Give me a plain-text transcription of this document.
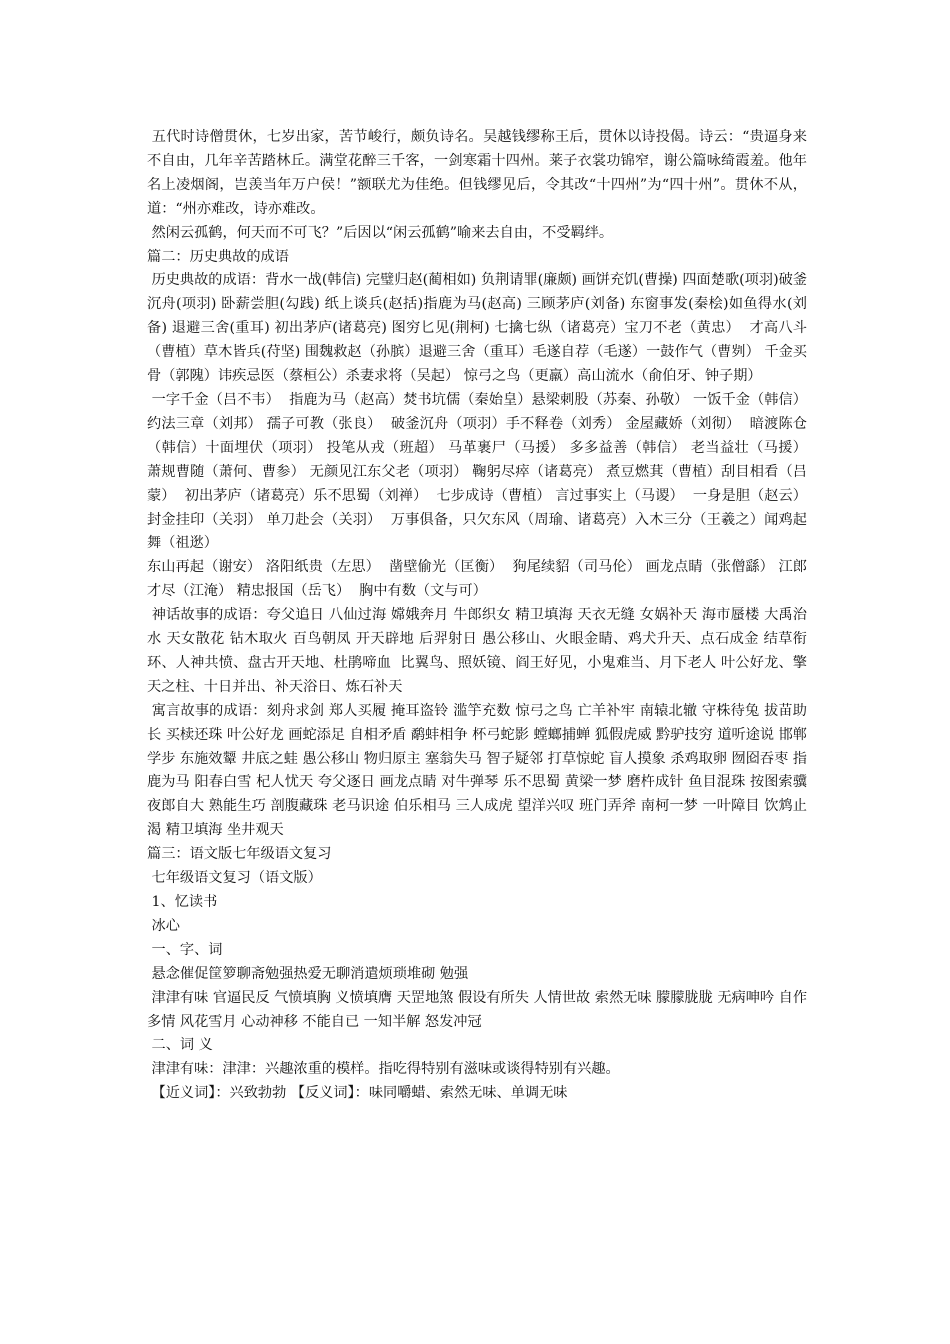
五代时诗僧贯休，七岁出家，苦节峻行，颇负诗名。吴越钱缪称王后，贯休以诗投偈。诗云：“贵逼身来不自由，几年辛苦踏林丘。满堂花醉三千客，一剑寒霜十四州。莱子衣裳功锦窄，谢公篇咏绮霞羞。他年名上凌烟阁，岂羡当年万户侯！”额联尤为佳绝。但钱缪见后，令其改“十四州”为“四十州”。贯休不从，道：“州亦难改，诗亦难改。

然闲云孤鹤，何天而不可飞？”后因以“闲云孤鹤”喻来去自由，不受羁绊。

篇二：历史典故的成语

历史典故的成语：背水一战(韩信) 完璧归赵(蔺相如) 负荆请罪(廉颇) 画饼充饥(曹操) 四面楚歌(项羽)破釜沉舟(项羽) 卧薪尝胆(勾践) 纸上谈兵(赵括)指鹿为马(赵高) 三顾茅庐(刘备) 东窗事发(秦桧)如鱼得水(刘备) 退避三舍(重耳) 初出茅庐(诸葛亮) 图穷匕见(荆柯) 七擒七纵（诸葛亮）宝刀不老（黄忠）  才高八斗（曹植）草木皆兵(苻坚) 围魏救赵（孙膑）退避三舍（重耳）毛遂自荐（毛遂）一鼓作气（曹刿） 千金买骨（郭隗）讳疾忌医（蔡桓公）杀妻求将（吴起） 惊弓之鸟（更羸）高山流水（俞伯牙、钟子期）

一字千金（吕不韦）  指鹿为马（赵高）焚书坑儒（秦始皇）悬梁刺股（苏秦、孙敬） 一饭千金（韩信）约法三章（刘邦） 孺子可教（张良）  破釜沉舟（项羽）手不释卷（刘秀） 金屋藏娇（刘彻）  暗渡陈仓（韩信）十面埋伏（项羽） 投笔从戎（班超） 马革裹尸（马援） 多多益善（韩信） 老当益壮（马援）  萧规曹随（萧何、曹参） 无颜见江东父老（项羽） 鞠躬尽瘁（诸葛亮） 煮豆燃萁（曹植）刮目相看（吕蒙）  初出茅庐（诸葛亮）乐不思蜀（刘禅）  七步成诗（曹植） 言过事实上（马谡）  一身是胆（赵云）  封金挂印（关羽） 单刀赴会（关羽）  万事俱备，只欠东风（周瑜、诸葛亮）入木三分（王羲之）闻鸡起舞（祖逖）

东山再起（谢安） 洛阳纸贵（左思）  凿壁偷光（匡衡）  狗尾续貂（司马伦） 画龙点睛（张僧繇） 江郎才尽（江淹） 精忠报国（岳飞）  胸中有数（文与可）

神话故事的成语：夸父追日 八仙过海 嫦娥奔月 牛郎织女 精卫填海 天衣无缝 女娲补天 海市蜃楼 大禹治水 天女散花 钻木取火 百鸟朝凤 开天辟地 后羿射日 愚公移山、火眼金睛、鸡犬升天、点石成金 结草衔环、人神共愤、盘古开天地、杜鹃啼血  比翼鸟、照妖镜、阎王好见，小鬼难当、月下老人 叶公好龙、擎天之柱、十日并出、补天浴日、炼石补天

寓言故事的成语：刻舟求剑 郑人买履 掩耳盗铃 滥竽充数 惊弓之鸟 亡羊补牢 南辕北辙 守株待兔 拔苗助长 买椟还珠 叶公好龙 画蛇添足 自相矛盾 鹬蚌相争 杯弓蛇影 螳螂捕蝉 狐假虎威 黔驴技穷 道听途说 邯郸学步 东施效颦 井底之蛙 愚公移山 物归原主 塞翁失马 智子疑邻 打草惊蛇 盲人摸象 杀鸡取卵 囫囵吞枣 指鹿为马 阳春白雪 杞人忧天 夸父逐日 画龙点睛 对牛弹琴 乐不思蜀 黄梁一梦 磨杵成针 鱼目混珠 按图索骥 夜郎自大 熟能生巧 剖腹藏珠 老马识途 伯乐相马 三人成虎 望洋兴叹 班门弄斧 南柯一梦 一叶障目 饮鸩止渴 精卫填海 坐井观天

篇三：语文版七年级语文复习

七年级语文复习（语文版）

1、忆读书

冰心

一、字、词

悬念催促筐箩聊斋勉强热爱无聊消遣烦琐堆砌 勉强

津津有味 官逼民反 气愤填胸 义愤填膺 天罡地煞 假设有所失 人情世故 索然无味 朦朦胧胧 无病呻吟 自作多情 风花雪月 心动神移 不能自已 一知半解 怒发冲冠

二、词 义

津津有味：津津：兴趣浓重的模样。指吃得特别有滋味或谈得特别有兴趣。

【近义词】：兴致勃勃 【反义词】：味同嚼蜡、索然无味、单调无味
